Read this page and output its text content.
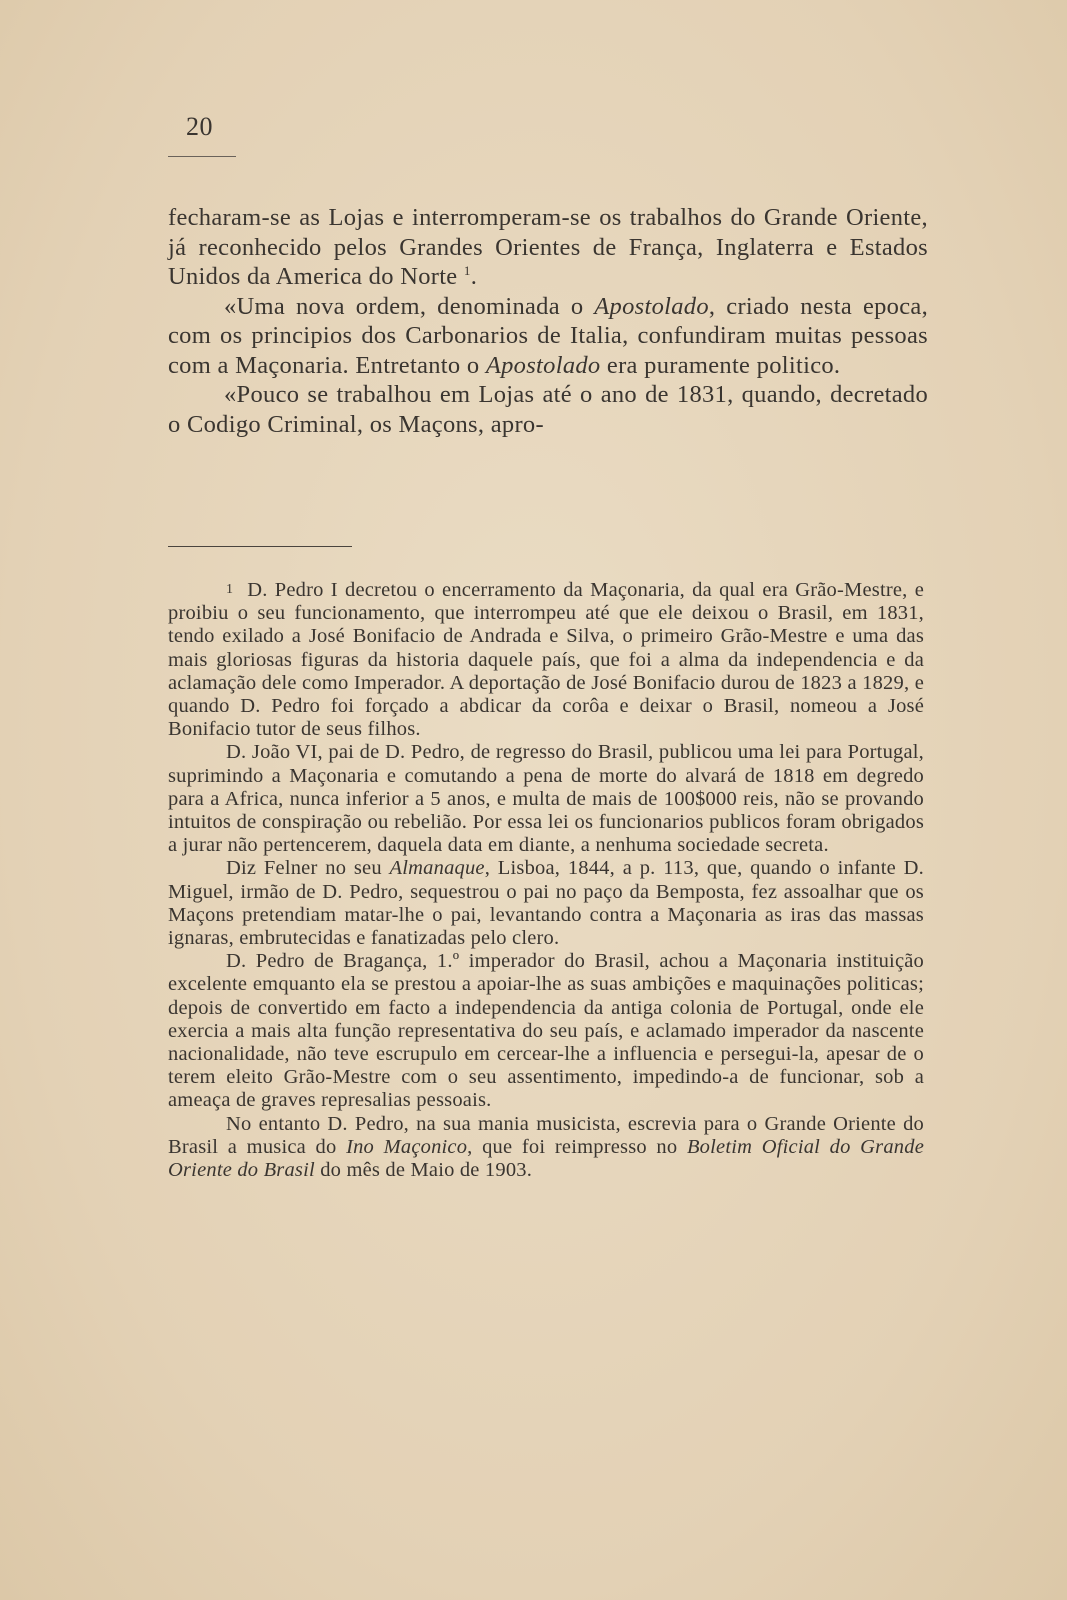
20

fecharam-se as Lojas e interromperam-se os trabalhos do Grande Oriente, já reconhecido pelos Grandes Orientes de França, Inglaterra e Estados Unidos da America do Norte $^1$.

«Uma nova ordem, denominada o Apostolado, criado nesta epoca, com os principios dos Carbonarios de Italia, confundiram muitas pessoas com a Maçonaria. Entretanto o Apostolado era puramente politico.

«Pouco se trabalhou em Lojas até o ano de 1831, quando, decretado o Codigo Criminal, os Maçons, apro-

1 D. Pedro I decretou o encerramento da Maçonaria, da qual era Grão-Mestre, e proibiu o seu funcionamento, que interrompeu até que ele deixou o Brasil, em 1831, tendo exilado a José Bonifacio de Andrada e Silva, o primeiro Grão-Mestre e uma das mais gloriosas figuras da historia daquele país, que foi a alma da independencia e da aclamação dele como Imperador. A deportação de José Bonifacio durou de 1823 a 1829, e quando D. Pedro foi forçado a abdicar da corôa e deixar o Brasil, nomeou a José Bonifacio tutor de seus filhos.

D. João VI, pai de D. Pedro, de regresso do Brasil, publicou uma lei para Portugal, suprimindo a Maçonaria e comutando a pena de morte do alvará de 1818 em degredo para a Africa, nunca inferior a 5 anos, e multa de mais de 100$000 reis, não se provando intuitos de conspiração ou rebelião. Por essa lei os funcionarios publicos foram obrigados a jurar não pertencerem, daquela data em diante, a nenhuma sociedade secreta.

Diz Felner no seu Almanaque, Lisboa, 1844, a p. 113, que, quando o infante D. Miguel, irmão de D. Pedro, sequestrou o pai no paço da Bemposta, fez assoalhar que os Maçons pretendiam matar-lhe o pai, levantando contra a Maçonaria as iras das massas ignaras, embrutecidas e fanatizadas pelo clero.

D. Pedro de Bragança, 1.º imperador do Brasil, achou a Maçonaria instituição excelente emquanto ela se prestou a apoiar-lhe as suas ambições e maquinações politicas; depois de convertido em facto a independencia da antiga colonia de Portugal, onde ele exercia a mais alta função representativa do seu país, e aclamado imperador da nascente nacionalidade, não teve escrupulo em cercear-lhe a influencia e persegui-la, apesar de o terem eleito Grão-Mestre com o seu assentimento, impedindo-a de funcionar, sob a ameaça de graves represalias pessoais.

No entanto D. Pedro, na sua mania musicista, escrevia para o Grande Oriente do Brasil a musica do Ino Maçonico, que foi reimpresso no Boletim Oficial do Grande Oriente do Brasil do mês de Maio de 1903.
